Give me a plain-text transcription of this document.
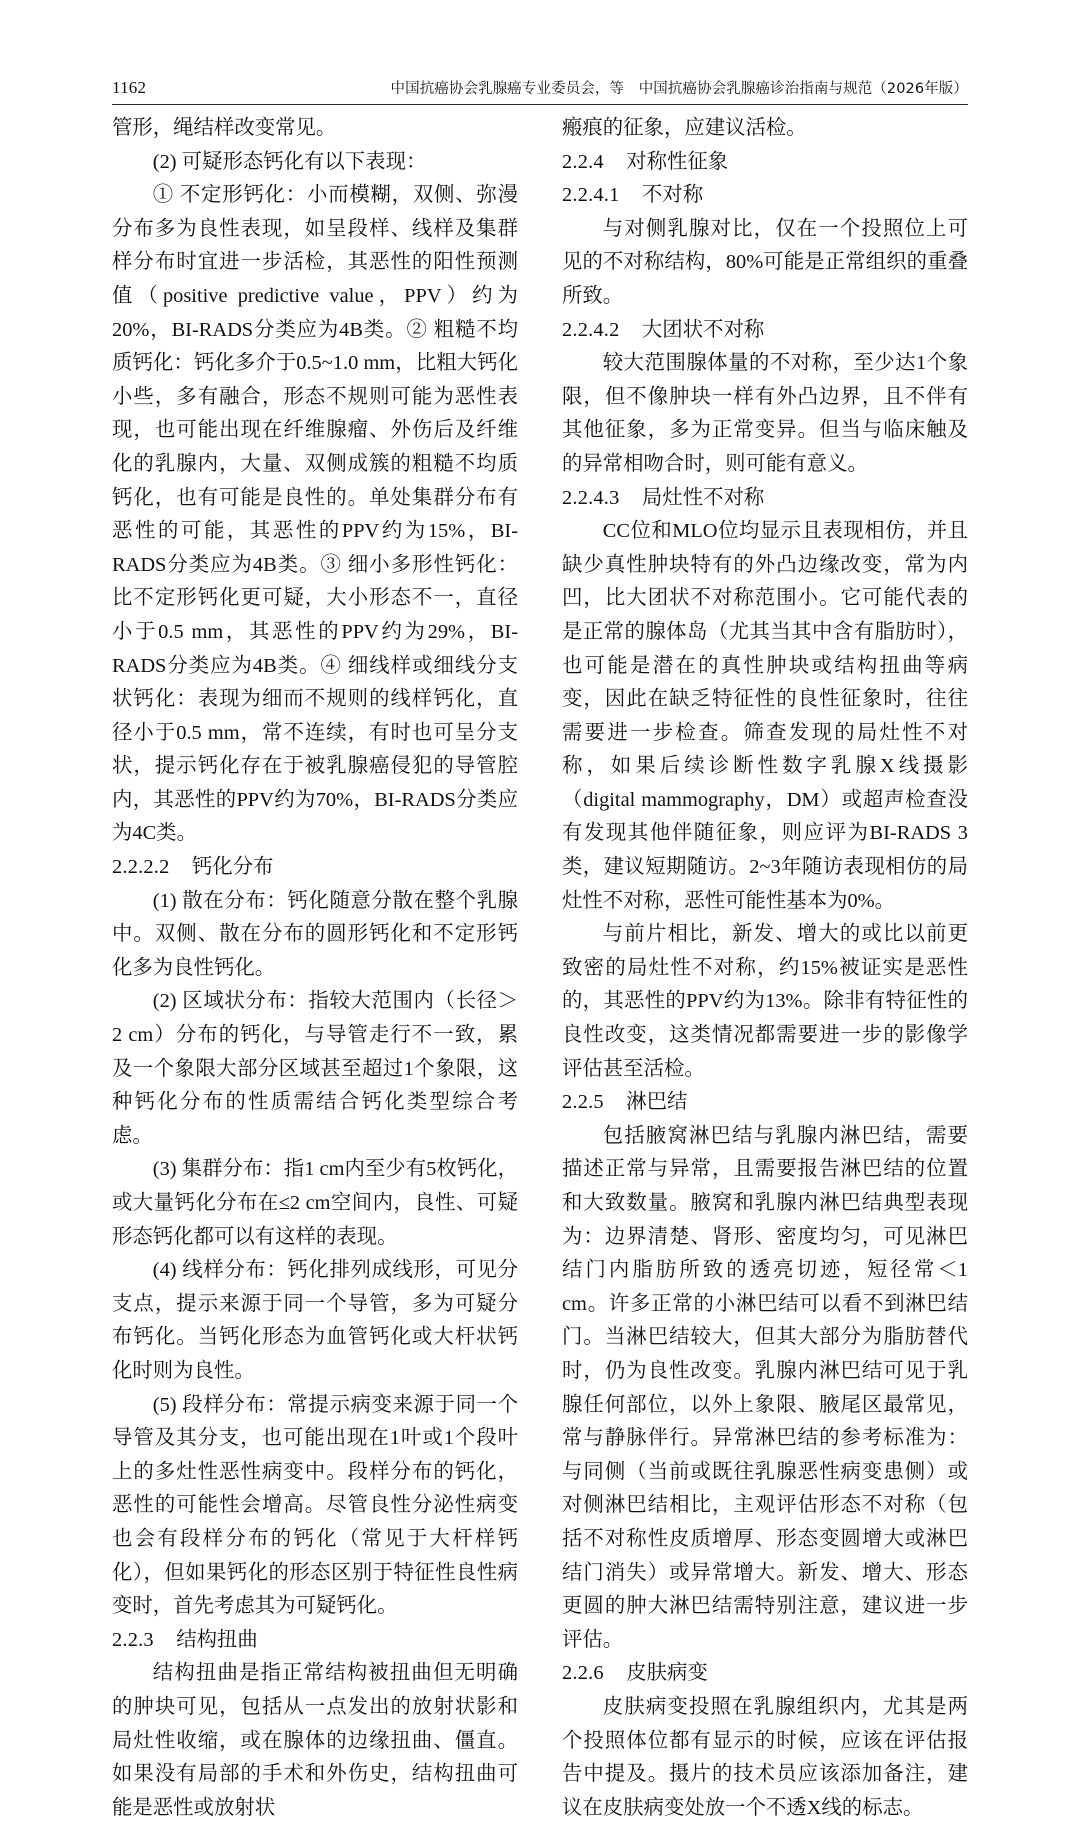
1162	中国抗癌协会乳腺癌专业委员会，等　中国抗癌协会乳腺癌诊治指南与规范（2026年版）

管形，绳结样改变常见。

(2) 可疑形态钙化有以下表现：

① 不定形钙化：小而模糊，双侧、弥漫分布多为良性表现，如呈段样、线样及集群样分布时宜进一步活检，其恶性的阳性预测值（positive predictive value，PPV）约为20%，BI-RADS分类应为4B类。② 粗糙不均质钙化：钙化多介于0.5~1.0 mm，比粗大钙化小些，多有融合，形态不规则可能为恶性表现，也可能出现在纤维腺瘤、外伤后及纤维化的乳腺内，大量、双侧成簇的粗糙不均质钙化，也有可能是良性的。单处集群分布有恶性的可能，其恶性的PPV约为15%，BI-RADS分类应为4B类。③ 细小多形性钙化：比不定形钙化更可疑，大小形态不一，直径小于0.5 mm，其恶性的PPV约为29%，BI-RADS分类应为4B类。④ 细线样或细线分支状钙化：表现为细而不规则的线样钙化，直径小于0.5 mm，常不连续，有时也可呈分支状，提示钙化存在于被乳腺癌侵犯的导管腔内，其恶性的PPV约为70%，BI-RADS分类应为4C类。

2.2.2.2 钙化分布

(1) 散在分布：钙化随意分散在整个乳腺中。双侧、散在分布的圆形钙化和不定形钙化多为良性钙化。

(2) 区域状分布：指较大范围内（长径＞2 cm）分布的钙化，与导管走行不一致，累及一个象限大部分区域甚至超过1个象限，这种钙化分布的性质需结合钙化类型综合考虑。

(3) 集群分布：指1 cm内至少有5枚钙化，或大量钙化分布在≤2 cm空间内，良性、可疑形态钙化都可以有这样的表现。

(4) 线样分布：钙化排列成线形，可见分支点，提示来源于同一个导管，多为可疑分布钙化。当钙化形态为血管钙化或大杆状钙化时则为良性。

(5) 段样分布：常提示病变来源于同一个导管及其分支，也可能出现在1叶或1个段叶上的多灶性恶性病变中。段样分布的钙化，恶性的可能性会增高。尽管良性分泌性病变也会有段样分布的钙化（常见于大杆样钙化），但如果钙化的形态区别于特征性良性病变时，首先考虑其为可疑钙化。

2.2.3 结构扭曲

结构扭曲是指正常结构被扭曲但无明确的肿块可见，包括从一点发出的放射状影和局灶性收缩，或在腺体的边缘扭曲、僵直。如果没有局部的手术和外伤史，结构扭曲可能是恶性或放射状

瘢痕的征象，应建议活检。

2.2.4 对称性征象
2.2.4.1 不对称

与对侧乳腺对比，仅在一个投照位上可见的不对称结构，80%可能是正常组织的重叠所致。

2.2.4.2 大团状不对称

较大范围腺体量的不对称，至少达1个象限，但不像肿块一样有外凸边界，且不伴有其他征象，多为正常变异。但当与临床触及的异常相吻合时，则可能有意义。

2.2.4.3 局灶性不对称

CC位和MLO位均显示且表现相仿，并且缺少真性肿块特有的外凸边缘改变，常为内凹，比大团状不对称范围小。它可能代表的是正常的腺体岛（尤其当其中含有脂肪时），也可能是潜在的真性肿块或结构扭曲等病变，因此在缺乏特征性的良性征象时，往往需要进一步检查。筛查发现的局灶性不对称，如果后续诊断性数字乳腺X线摄影（digital mammography，DM）或超声检查没有发现其他伴随征象，则应评为BI-RADS 3类，建议短期随访。2~3年随访表现相仿的局灶性不对称，恶性可能性基本为0%。

与前片相比，新发、增大的或比以前更致密的局灶性不对称，约15%被证实是恶性的，其恶性的PPV约为13%。除非有特征性的良性改变，这类情况都需要进一步的影像学评估甚至活检。

2.2.5 淋巴结

包括腋窝淋巴结与乳腺内淋巴结，需要描述正常与异常，且需要报告淋巴结的位置和大致数量。腋窝和乳腺内淋巴结典型表现为：边界清楚、肾形、密度均匀，可见淋巴结门内脂肪所致的透亮切迹，短径常＜1 cm。许多正常的小淋巴结可以看不到淋巴结门。当淋巴结较大，但其大部分为脂肪替代时，仍为良性改变。乳腺内淋巴结可见于乳腺任何部位，以外上象限、腋尾区最常见，常与静脉伴行。异常淋巴结的参考标准为：与同侧（当前或既往乳腺恶性病变患侧）或对侧淋巴结相比，主观评估形态不对称（包括不对称性皮质增厚、形态变圆增大或淋巴结门消失）或异常增大。新发、增大、形态更圆的肿大淋巴结需特别注意，建议进一步评估。

2.2.6 皮肤病变

皮肤病变投照在乳腺组织内，尤其是两个投照体位都有显示的时候，应该在评估报告中提及。摄片的技术员应该添加备注，建议在皮肤病变处放一个不透X线的标志。
